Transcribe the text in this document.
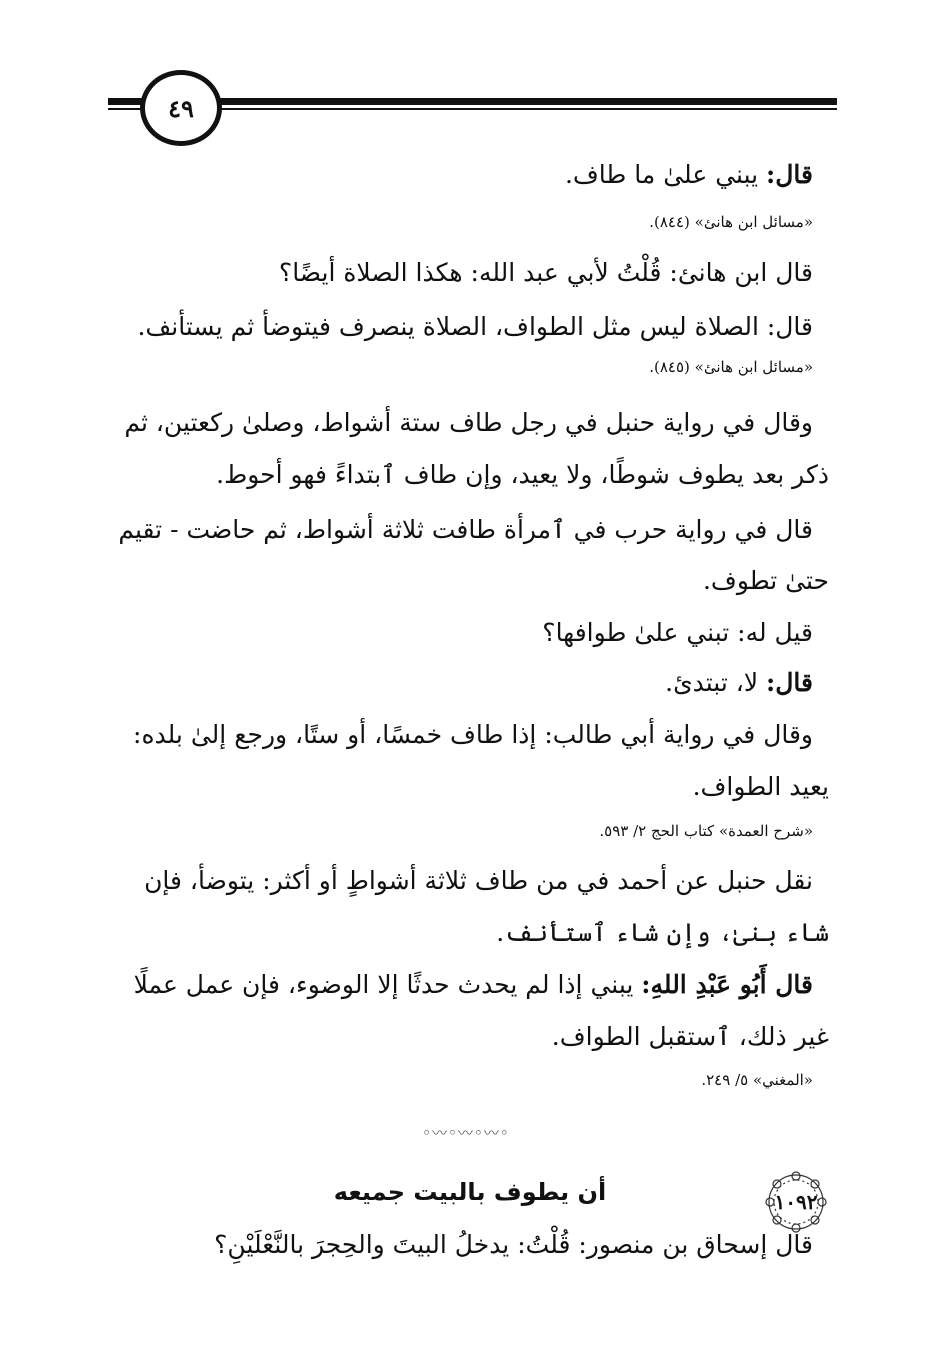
٤٩
قال: يبني علىٰ ما طاف.
«مسائل ابن هانئ» (٨٤٤).
قال ابن هانئ: قُلْتُ لأبي عبد الله: هكذا الصلاة أيضًا؟
قال: الصلاة ليس مثل الطواف، الصلاة ينصرف فيتوضأ ثم يستأنف.
«مسائل ابن هانئ» (٨٤٥).
وقال في رواية حنبل في رجل طاف ستة أشواط، وصلىٰ ركعتين، ثم
ذكر بعد يطوف شوطًا، ولا يعيد، وإن طاف ٱبتداءً فهو أحوط.
قال في رواية حرب في ٱمرأة طافت ثلاثة أشواط، ثم حاضت - تقيم
حتىٰ تطوف.
قيل له: تبني علىٰ طوافها؟
قال: لا، تبتدئ.
وقال في رواية أبي طالب: إذا طاف خمسًا، أو ستًا، ورجع إلىٰ بلده:
يعيد الطواف.
«شرح العمدة» كتاب الحج ٢/ ٥٩٣.
نقل حنبل عن أحمد في من طاف ثلاثة أشواطٍ أو أكثر: يتوضأ، فإن
شاء بنىٰ، وإن شاء ٱستأنف.
قال أَبُو عَبْدِ اللهِ: يبني إذا لم يحدث حدثًا إلا الوضوء، فإن عمل عملًا
غير ذلك، ٱستقبل الطواف.
«المغني» ٥/ ٢٤٩.
◦〰◦〰◦〰◦
١٠٩٢
أن يطوف بالبيت جميعه
قال إسحاق بن منصور: قُلْتُ: يدخلُ البيتَ والحِجرَ بالنَّعْلَيْنِ؟
